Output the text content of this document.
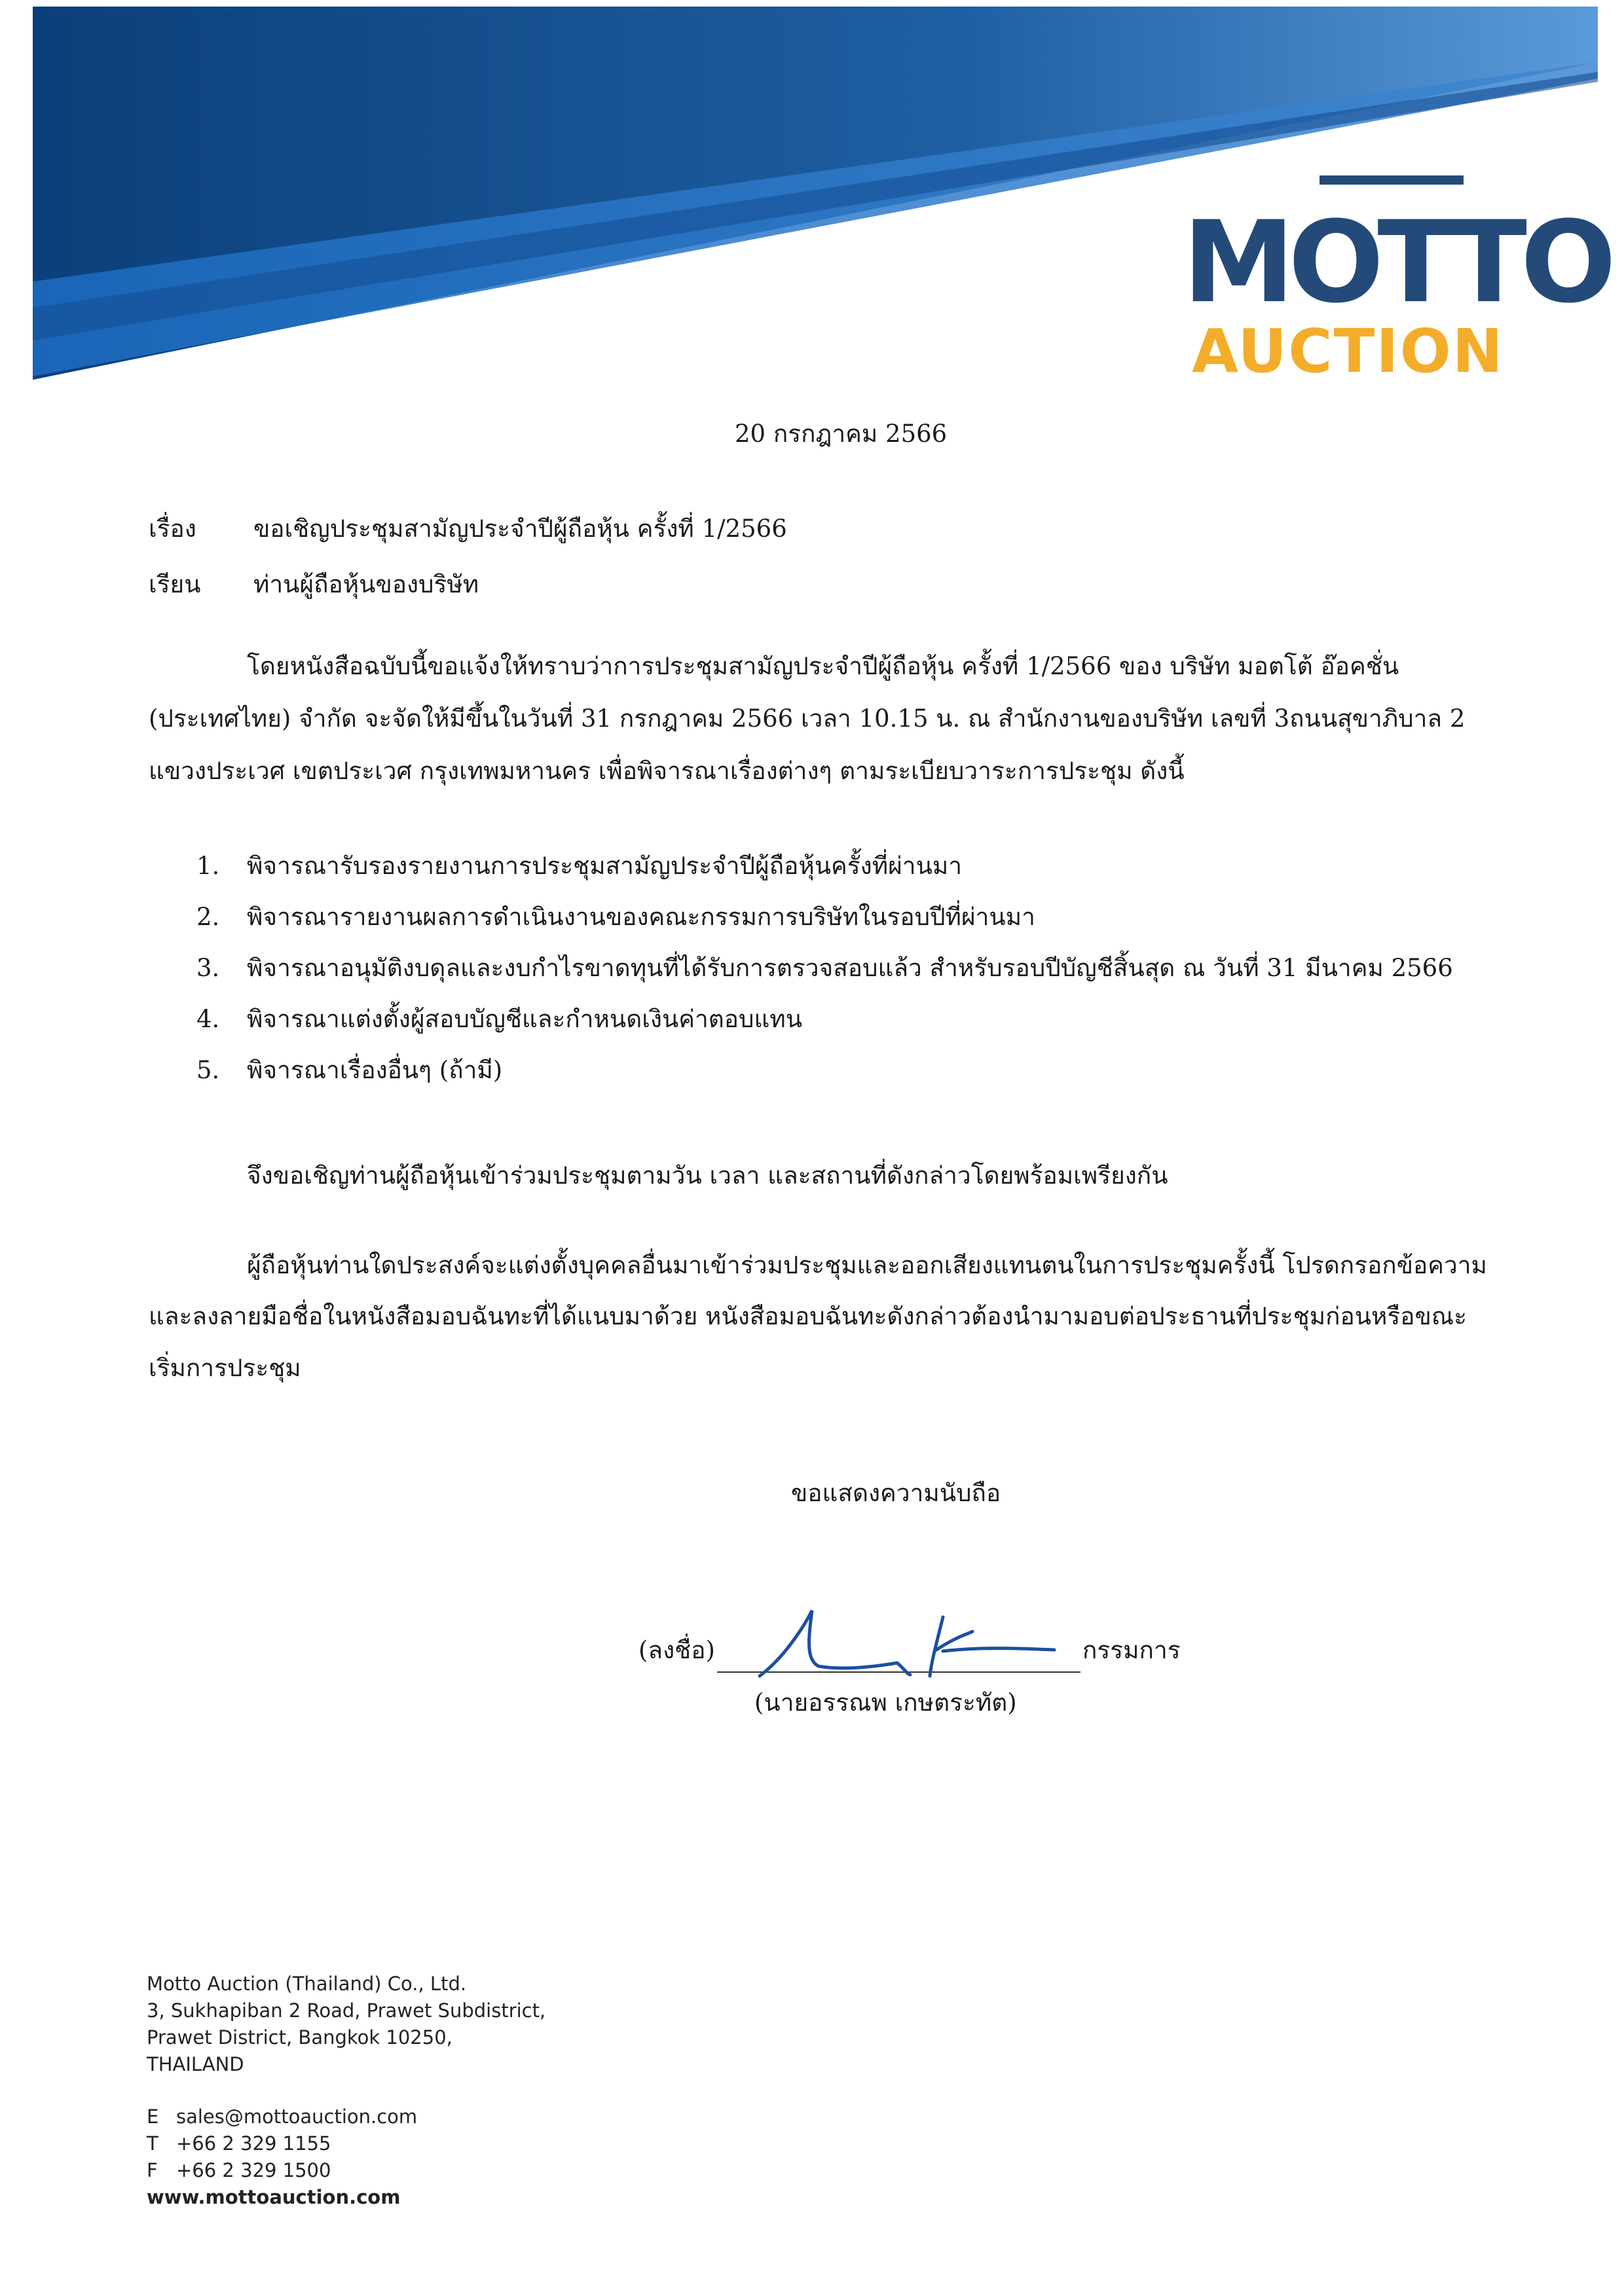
MOTTO
AUCTION
20 กรกฎาคม 2566
เรื่อง ขอเชิญประชุมสามัญประจำปีผู้ถือหุ้น ครั้งที่ 1/2566
เรียน ท่านผู้ถือหุ้นของบริษัท
โดยหนังสือฉบับนี้ขอแจ้งให้ทราบว่าการประชุมสามัญประจำปีผู้ถือหุ้น ครั้งที่ 1/2566 ของ บริษัท มอตโต้ อ๊อคชั่น
(ประเทศไทย) จำกัด จะจัดให้มีขึ้นในวันที่ 31 กรกฎาคม 2566 เวลา 10.15 น. ณ สำนักงานของบริษัท เลขที่ 3ถนนสุขาภิบาล 2
แขวงประเวศ เขตประเวศ กรุงเทพมหานคร เพื่อพิจารณาเรื่องต่างๆ ตามระเบียบวาระการประชุม ดังนี้
1. พิจารณารับรองรายงานการประชุมสามัญประจำปีผู้ถือหุ้นครั้งที่ผ่านมา
2. พิจารณารายงานผลการดำเนินงานของคณะกรรมการบริษัทในรอบปีที่ผ่านมา
3. พิจารณาอนุมัติงบดุลและงบกำไรขาดทุนที่ได้รับการตรวจสอบแล้ว สำหรับรอบปีบัญชีสิ้นสุด ณ วันที่ 31 มีนาคม 2566
4. พิจารณาแต่งตั้งผู้สอบบัญชีและกำหนดเงินค่าตอบแทน
5. พิจารณาเรื่องอื่นๆ (ถ้ามี)
จึงขอเชิญท่านผู้ถือหุ้นเข้าร่วมประชุมตามวัน เวลา และสถานที่ดังกล่าวโดยพร้อมเพรียงกัน
ผู้ถือหุ้นท่านใดประสงค์จะแต่งตั้งบุคคลอื่นมาเข้าร่วมประชุมและออกเสียงแทนตนในการประชุมครั้งนี้ โปรดกรอกข้อความ
และลงลายมือชื่อในหนังสือมอบฉันทะที่ได้แนบมาด้วย หนังสือมอบฉันทะดังกล่าวต้องนำมามอบต่อประธานที่ประชุมก่อนหรือขณะ
เริ่มการประชุม
ขอแสดงความนับถือ
(ลงชื่อ)	กรรมการ
(นายอรรณพ เกษตระทัต)
Motto Auction (Thailand) Co., Ltd.
3, Sukhapiban 2 Road, Prawet Subdistrict,
Prawet District, Bangkok 10250,
THAILAND
E sales@mottoauction.com
T +66 2 329 1155
F +66 2 329 1500
www.mottoauction.com
